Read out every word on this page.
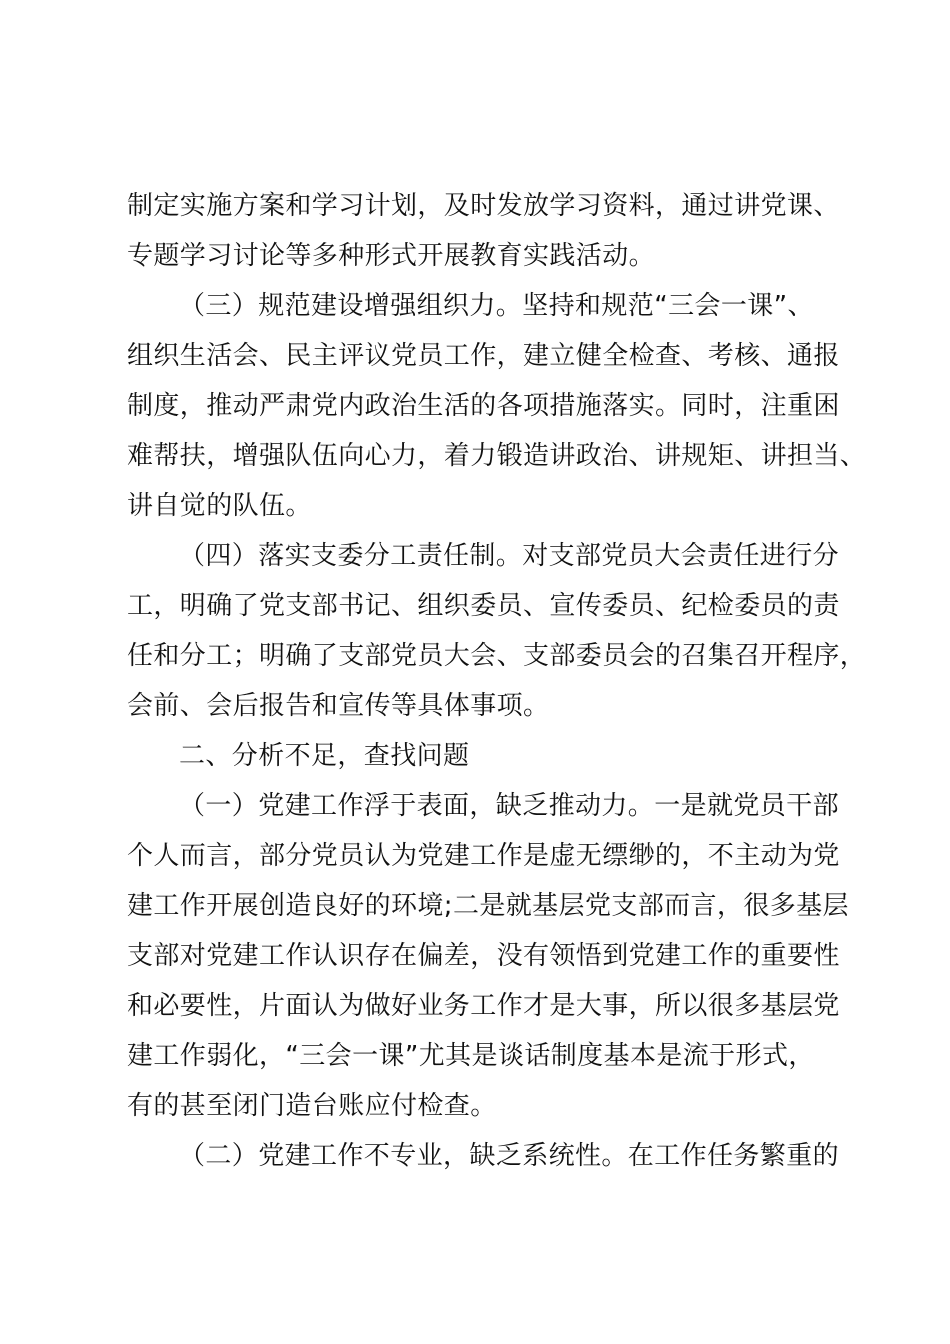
制定实施方案和学习计划，及时发放学习资料，通过讲党课、
专题学习讨论等多种形式开展教育实践活动。
（三）规范建设增强组织力。坚持和规范“三会一课”、
组织生活会、民主评议党员工作，建立健全检查、考核、通报
制度，推动严肃党内政治生活的各项措施落实。同时，注重困
难帮扶，增强队伍向心力，着力锻造讲政治、讲规矩、讲担当、
讲自觉的队伍。
（四）落实支委分工责任制。对支部党员大会责任进行分
工，明确了党支部书记、组织委员、宣传委员、纪检委员的责
任和分工；明确了支部党员大会、支部委员会的召集召开程序，
会前、会后报告和宣传等具体事项。
二、分析不足，查找问题
（一）党建工作浮于表面，缺乏推动力。一是就党员干部
个人而言，部分党员认为党建工作是虚无缥缈的，不主动为党
建工作开展创造良好的环境;二是就基层党支部而言，很多基层
支部对党建工作认识存在偏差，没有领悟到党建工作的重要性
和必要性，片面认为做好业务工作才是大事，所以很多基层党
建工作弱化，“三会一课”尤其是谈话制度基本是流于形式，
有的甚至闭门造台账应付检查。
（二）党建工作不专业，缺乏系统性。在工作任务繁重的
